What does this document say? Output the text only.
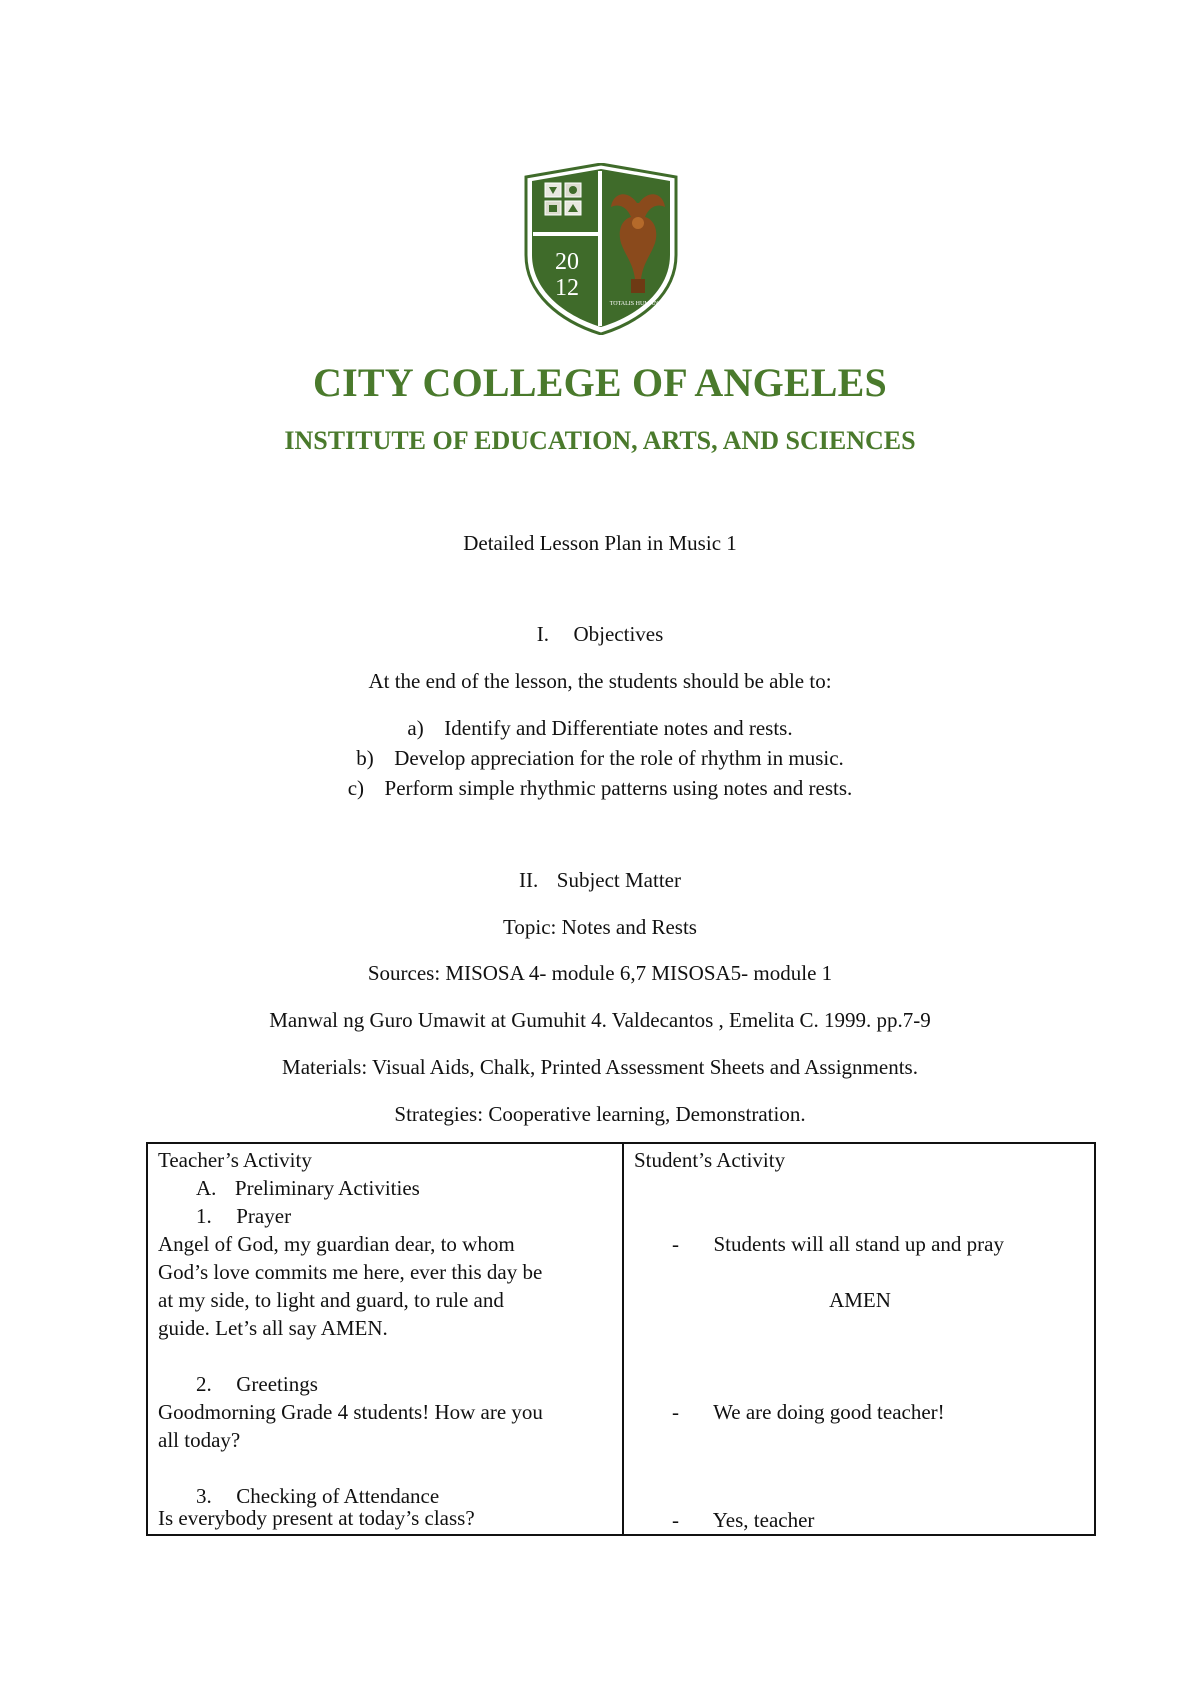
20
12
TOTALIS HUMANAE
CITY COLLEGE OF ANGELES
INSTITUTE OF EDUCATION, ARTS, AND SCIENCES
Detailed Lesson Plan in Music 1
I. Objectives
At the end of the lesson, the students should be able to:
a) Identify and Differentiate notes and rests.
b) Develop appreciation for the role of rhythm in music.
c) Perform simple rhythmic patterns using notes and rests.
II. Subject Matter
Topic: Notes and Rests
Sources: MISOSA 4- module 6,7 MISOSA5- module 1
Manwal ng Guro Umawit at Gumuhit 4. Valdecantos , Emelita C. 1999. pp.7-9
Materials: Visual Aids, Chalk, Printed Assessment Sheets and Assignments.
Strategies: Cooperative learning, Demonstration.
Teacher’s Activity
A. Preliminary Activities
1. Prayer
Angel of God, my guardian dear, to whom
God’s love commits me here, ever this day be
at my side, to light and guard, to rule and
guide. Let’s all say AMEN.
2. Greetings
Goodmorning Grade 4 students! How are you
all today?
3. Checking of Attendance
Is everybody present at today’s class?
Student’s Activity
- Students will all stand up and pray
AMEN
- We are doing good teacher!
- Yes, teacher
